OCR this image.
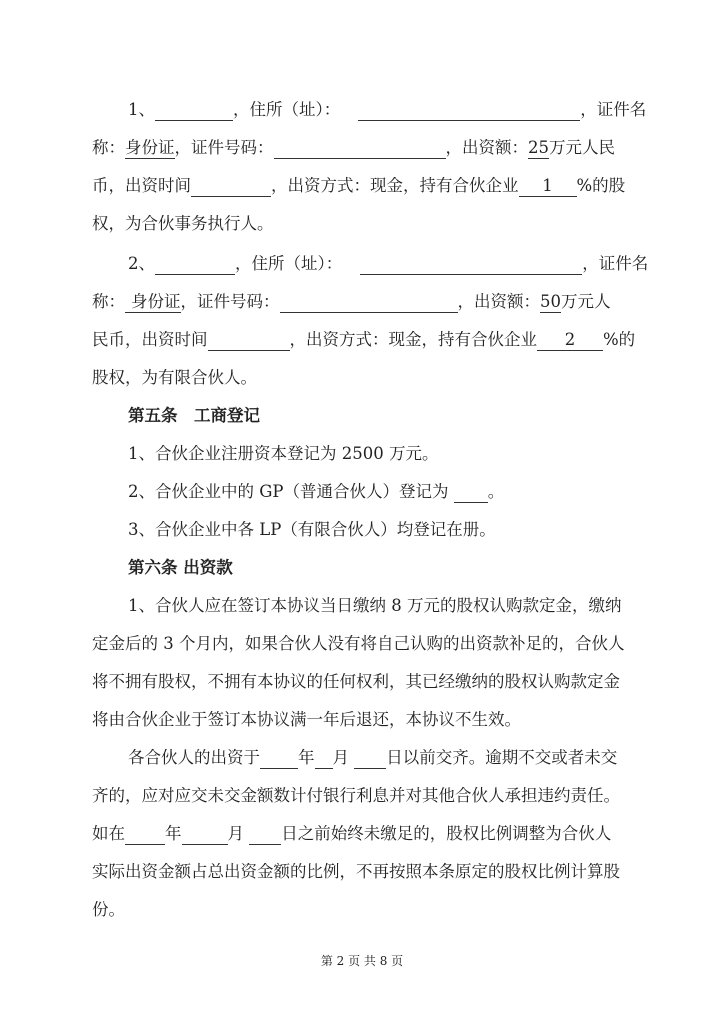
1、	，住所（址）：	，证件名
称：身份证，证件号码：	，出资额：25万元人民
币，出资时间	，出资方式：现金，持有合伙企业 1 %的股
权，为合伙事务执行人。
2、	，住所（址）：	，证件名
称： 身份证，证件号码：	，出资额：50万元人
民币，出资时间	，出资方式：现金，持有合伙企业 2 %的
股权，为有限合伙人。
第五条　工商登记
1、合伙企业注册资本登记为 2500 万元。
2、合伙企业中的 GP（普通合伙人）登记为 。
3、合伙企业中各 LP（有限合伙人）均登记在册。
第六条 出资款
1、合伙人应在签订本协议当日缴纳 8 万元的股权认购款定金，缴纳
定金后的 3 个月内，如果合伙人没有将自己认购的出资款补足的，合伙人
将不拥有股权，不拥有本协议的任何权利，其已经缴纳的股权认购款定金
将由合伙企业于签订本协议满一年后退还，本协议不生效。
各合伙人的出资于 年 月 日以前交齐。逾期不交或者未交
齐的，应对应交未交金额数计付银行利息并对其他合伙人承担违约责任。
如在 年	月 日之前始终未缴足的，股权比例调整为合伙人
实际出资金额占总出资金额的比例，不再按照本条原定的股权比例计算股
份。
第 2 页 共 8 页
